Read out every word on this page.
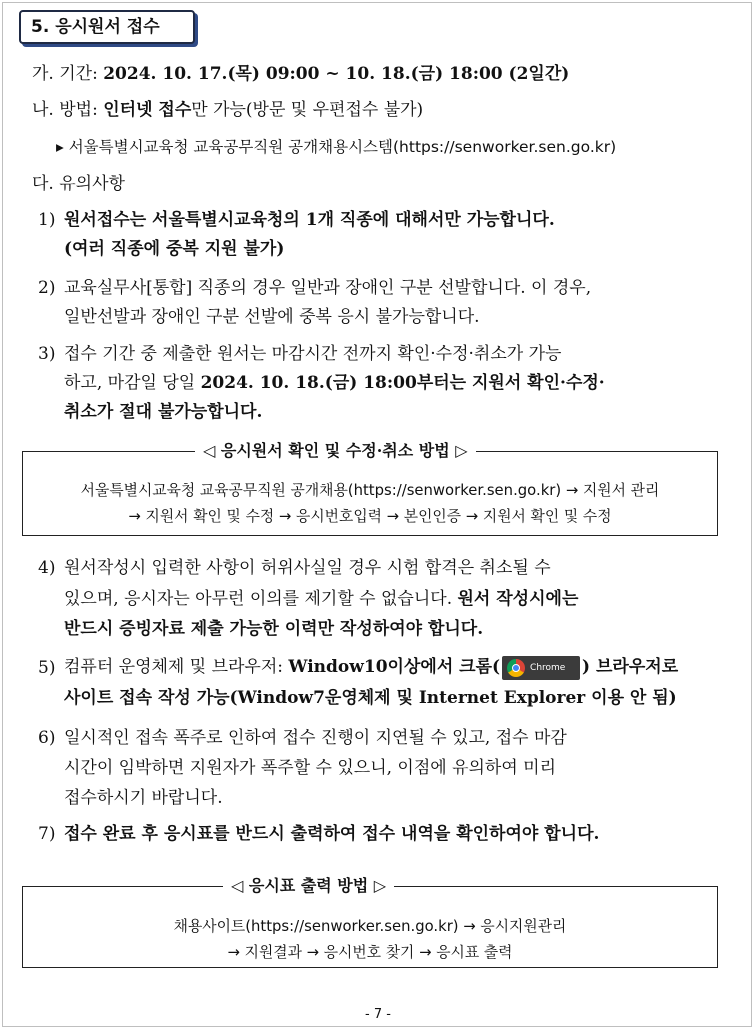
5. 응시원서 접수
가. 기간: 2024. 10. 17.(목) 09:00 ~ 10. 18.(금) 18:00 (2일간)
나. 방법: 인터넷 접수만 가능(방문 및 우편접수 불가)
▸ 서울특별시교육청 교육공무직원 공개채용시스템(https://senworker.sen.go.kr)
다. 유의사항
1) 원서접수는 서울특별시교육청의 1개 직종에 대해서만 가능합니다.
(여러 직종에 중복 지원 불가)
2) 교육실무사[통합] 직종의 경우 일반과 장애인 구분 선발합니다. 이 경우,
일반선발과 장애인 구분 선발에 중복 응시 불가능합니다.
3) 접수 기간 중 제출한 원서는 마감시간 전까지 확인·수정·취소가 가능
하고, 마감일 당일 2024. 10. 18.(금) 18:00부터는 지원서 확인·수정·
취소가 절대 불가능합니다.
◁ 응시원서 확인 및 수정·취소 방법 ▷
서울특별시교육청 교육공무직원 공개채용(https://senworker.sen.go.kr) → 지원서 관리
→ 지원서 확인 및 수정 → 응시번호입력 → 본인인증 → 지원서 확인 및 수정
4) 원서작성시 입력한 사항이 허위사실일 경우 시험 합격은 취소될 수
있으며, 응시자는 아무런 이의를 제기할 수 없습니다. 원서 작성시에는
반드시 증빙자료 제출 가능한 이력만 작성하여야 합니다.
5) 컴퓨터 운영체제 및 브라우저: Window10이상에서 크롬(	Chrome ) 브라우저로
사이트 접속 작성 가능(Window7운영체제 및 Internet Explorer 이용 안 됨)
6) 일시적인 접속 폭주로 인하여 접수 진행이 지연될 수 있고, 접수 마감
시간이 임박하면 지원자가 폭주할 수 있으니, 이점에 유의하여 미리
접수하시기 바랍니다.
7) 접수 완료 후 응시표를 반드시 출력하여 접수 내역을 확인하여야 합니다.
◁ 응시표 출력 방법 ▷
채용사이트(https://senworker.sen.go.kr) → 응시지원관리
→ 지원결과 → 응시번호 찾기 → 응시표 출력
- 7 -
